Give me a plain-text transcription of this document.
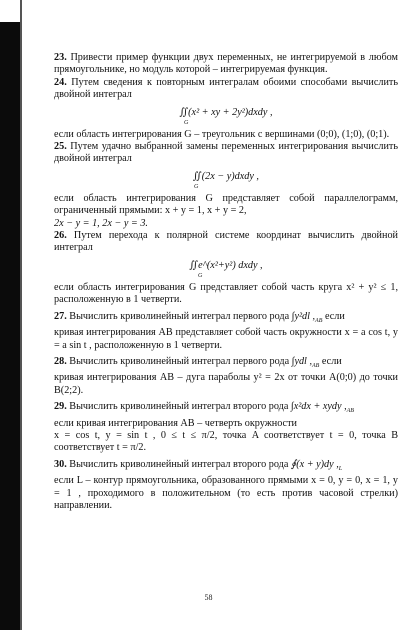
23. Привести пример функции двух переменных, не интегрируемой в любом прямоугольнике, но модуль которой – интегрируемая функция.

24. Путем сведения к повторным интегралам обоими способами вычислить двойной интеграл

∬(x² + xy + 2y²)dxdy ,
G

если область интегрирования G – треугольник с вершинами (0;0), (1;0), (0;1).

25. Путем удачно выбранной замены переменных интегрирования вычислить двойной интеграл

∬(2x − y)dxdy ,
G

если область интегрирования G представляет собой параллелограмм, ограниченный прямыми: x + y = 1, x + y = 2,

2x − y = 1, 2x − y = 3.

26. Путем перехода к полярной системе координат вычислить двойной интеграл

∬e^(x²+y²) dxdy ,
G

если область интегрирования G представляет собой часть круга x² + y² ≤ 1, расположенную в 1 четверти.

27. Вычислить криволинейный интеграл первого рода ∫y²dl $,_{AB}$ если

кривая интегрирования AB представляет собой часть окружности x = a cos t, y = a sin t , расположенную в 1 четверти.

28. Вычислить криволинейный интеграл первого рода ∫ydl $,_{AB}$ если

кривая интегрирования AB – дуга параболы y² = 2x от точки A(0;0) до точки B(2;2).

29. Вычислить криволинейный интеграл второго рода ∫x²dx + xydy $,_{AB}$

если кривая интегрирования AB – четверть окружности

x = cos t, y = sin t , 0 ≤ t ≤ π/2, точка A соответствует t = 0, точка B соответствует t = π/2.

30. Вычислить криволинейный интеграл второго рода ∮(x + y)dy $,_L$

если L – контур прямоугольника, образованного прямыми x = 0, y = 0, x = 1, y = 1 , проходимого в положительном (то есть против часовой стрелки) направлении.

58
